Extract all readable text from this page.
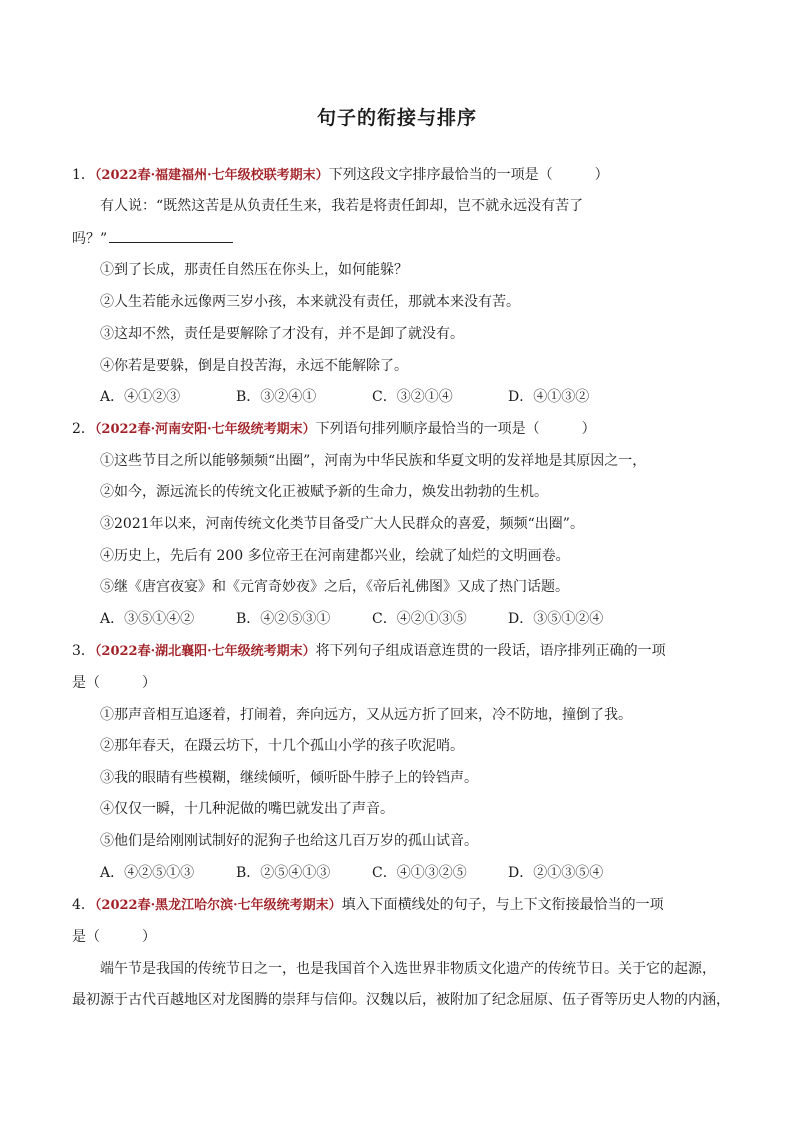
句子的衔接与排序
1．（2022春·福建福州·七年级校联考期末）下列这段文字排序最恰当的一项是（　　　）
有人说：“既然这苦是从负责任生来，我若是将责任卸却，岂不就永远没有苦了
吗？”
①到了长成，那责任自然压在你头上，如何能躲？
②人生若能永远像两三岁小孩，本来就没有责任，那就本来没有苦。
③这却不然，责任是要解除了才没有，并不是卸了就没有。
④你若是要躲，倒是自投苦海，永远不能解除了。
A．④①②③	B．③②④①	C．③②①④	D．④①③②
2．（2022春·河南安阳·七年级统考期末）下列语句排列顺序最恰当的一项是（　　　）
①这些节目之所以能够频频“出圈”，河南为中华民族和华夏文明的发祥地是其原因之一，
②如今，源远流长的传统文化正被赋予新的生命力，焕发出勃勃的生机。
③2021年以来，河南传统文化类节目备受广大人民群众的喜爱，频频“出圈”。
④历史上，先后有 200 多位帝王在河南建都兴业，绘就了灿烂的文明画卷。
⑤继《唐宫夜宴》和《元宵奇妙夜》之后，《帝后礼佛图》又成了热门话题。
A．③⑤①④②	B．④②⑤③①	C．④②①③⑤	D．③⑤①②④
3．（2022春·湖北襄阳·七年级统考期末）将下列句子组成语意连贯的一段话，语序排列正确的一项
是（　　　）
①那声音相互追逐着，打闹着，奔向远方，又从远方折了回来，冷不防地，撞倒了我。
②那年春天，在蹑云坊下，十几个孤山小学的孩子吹泥哨。
③我的眼睛有些模糊，继续倾听，倾听卧牛脖子上的铃铛声。
④仅仅一瞬，十几种泥做的嘴巴就发出了声音。
⑤他们是给刚刚试制好的泥狗子也给这几百万岁的孤山试音。
A．④②⑤①③	B．②⑤④①③	C．④①③②⑤	D．②①③⑤④
4．（2022春·黑龙江哈尔滨·七年级统考期末）填入下面横线处的句子，与上下文衔接最恰当的一项
是（　　　）
端午节是我国的传统节日之一，也是我国首个入选世界非物质文化遗产的传统节日。关于它的起源，
最初源于古代百越地区对龙图腾的崇拜与信仰。汉魏以后，被附加了纪念屈原、伍子胥等历史人物的内涵，
